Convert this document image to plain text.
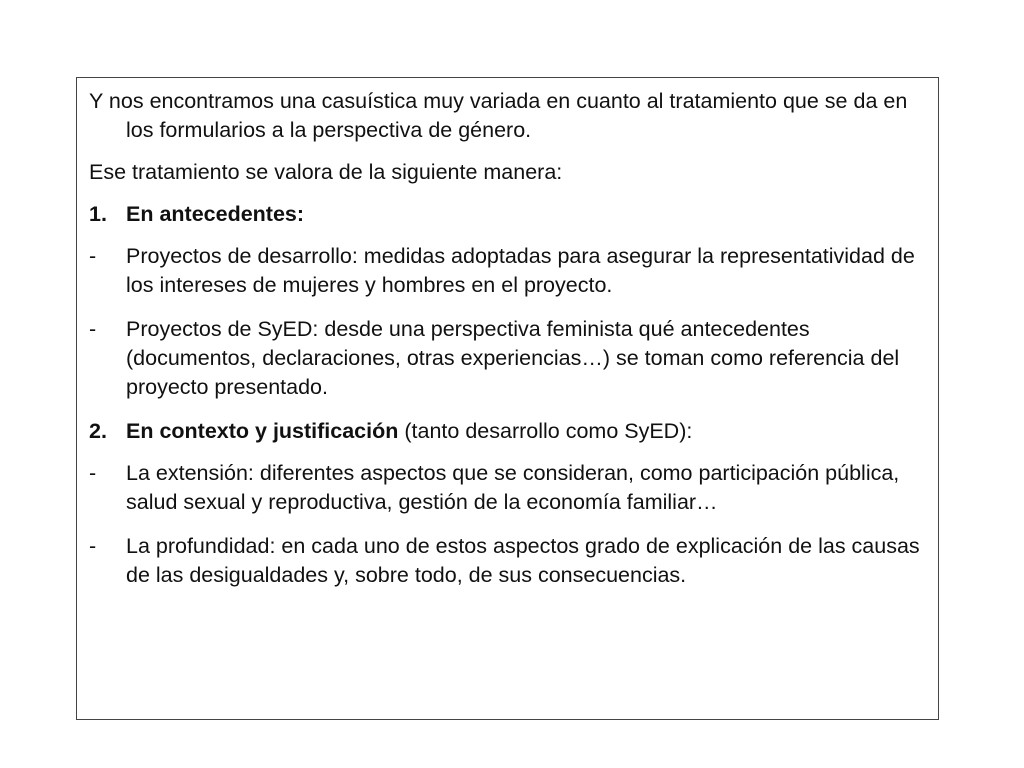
Y nos encontramos una casuística muy variada en cuanto al tratamiento que se da en los formularios a la perspectiva de género.

Ese tratamiento se valora de la siguiente manera:

1. En antecedentes:
-	Proyectos de desarrollo: medidas adoptadas para asegurar la representatividad de los intereses de mujeres y hombres en el proyecto.
-	Proyectos de SyED: desde una perspectiva feminista qué antecedentes (documentos, declaraciones, otras experiencias…) se toman como referencia del proyecto presentado.
2. En contexto y justificación (tanto desarrollo como SyED):
-	La extensión: diferentes aspectos que se consideran, como participación pública, salud sexual y reproductiva, gestión de la economía familiar…
-	La profundidad: en cada uno de estos aspectos grado de explicación de las causas de las desigualdades y, sobre todo, de sus consecuencias.
